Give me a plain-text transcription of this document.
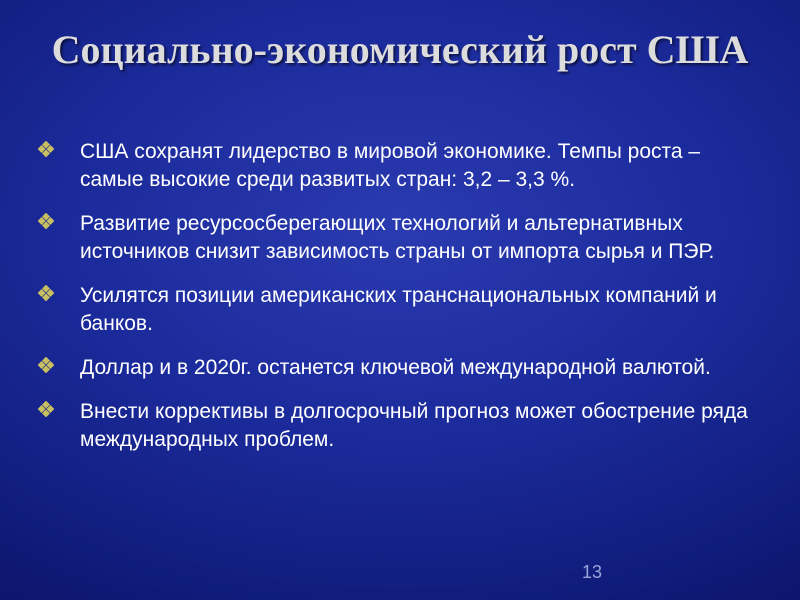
Социально-экономический рост США
США сохранят лидерство в мировой экономике. Темпы роста – самые высокие среди развитых стран: 3,2 – 3,3 %.
Развитие ресурсосберегающих технологий и альтернативных источников снизит зависимость страны от импорта сырья и ПЭР.
Усилятся позиции американских транснациональных компаний и банков.
Доллар и в 2020г. останется ключевой международной валютой.
Внести коррективы в долгосрочный прогноз может обострение ряда международных проблем.
13
